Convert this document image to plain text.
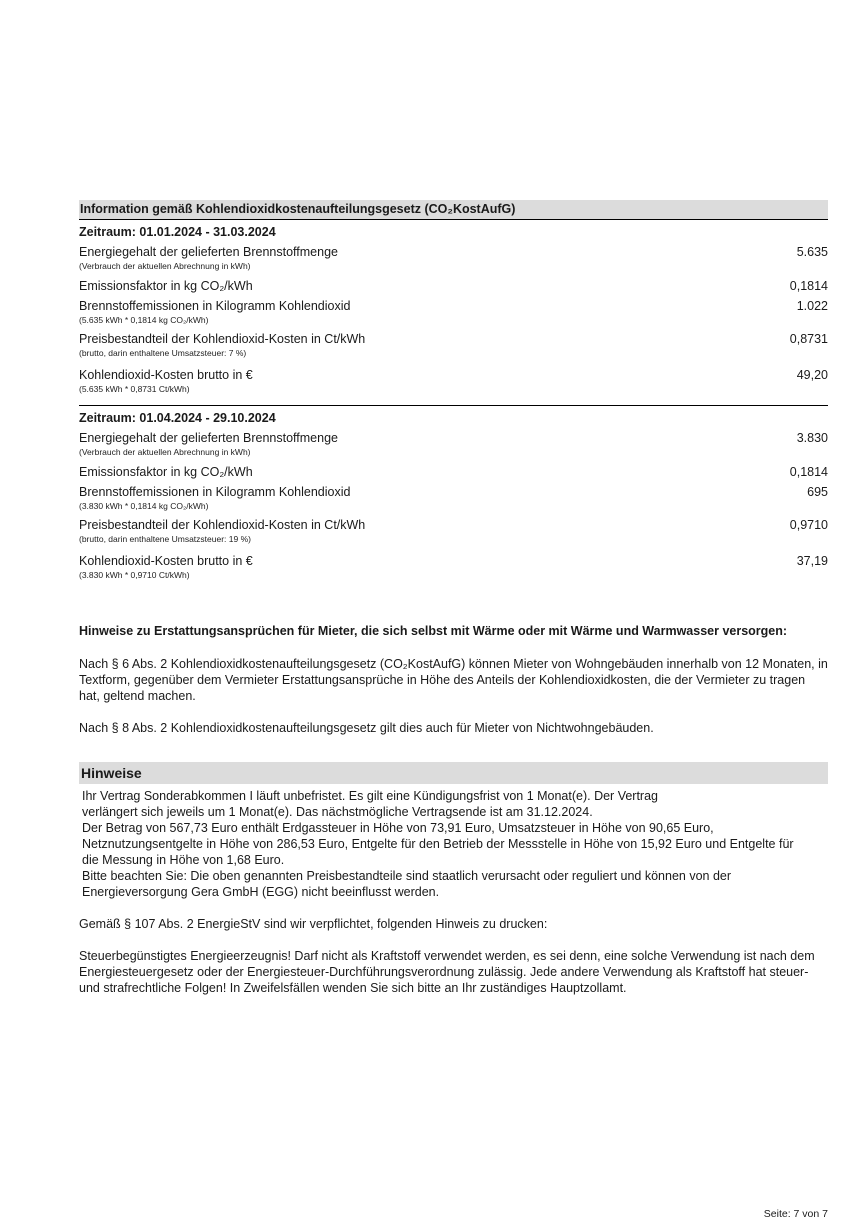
Information gemäß Kohlendioxidkostenaufteilungsgesetz (CO₂KostAufG)
Zeitraum: 01.01.2024 - 31.03.2024
Energiegehalt der gelieferten Brennstoffmenge
(Verbrauch der aktuellen Abrechnung in kWh)
5.635
Emissionsfaktor in kg CO₂/kWh	0,1814
Brennstoffemissionen in Kilogramm Kohlendioxid
(5.635 kWh * 0,1814 kg CO₂/kWh)
1.022
Preisbestandteil der Kohlendioxid-Kosten in Ct/kWh
(brutto, darin enthaltene Umsatzsteuer: 7 %)
0,8731
Kohlendioxid-Kosten brutto in €
(5.635 kWh * 0,8731 Ct/kWh)
49,20
Zeitraum: 01.04.2024 - 29.10.2024
Energiegehalt der gelieferten Brennstoffmenge
(Verbrauch der aktuellen Abrechnung in kWh)
3.830
Emissionsfaktor in kg CO₂/kWh	0,1814
Brennstoffemissionen in Kilogramm Kohlendioxid
(3.830 kWh * 0,1814 kg CO₂/kWh)
695
Preisbestandteil der Kohlendioxid-Kosten in Ct/kWh
(brutto, darin enthaltene Umsatzsteuer: 19 %)
0,9710
Kohlendioxid-Kosten brutto in €
(3.830 kWh * 0,9710 Ct/kWh)
37,19
Hinweise zu Erstattungsansprüchen für Mieter, die sich selbst mit Wärme oder mit Wärme und Warmwasser versorgen:
Nach § 6 Abs. 2 Kohlendioxidkostenaufteilungsgesetz (CO₂KostAufG) können Mieter von Wohngebäuden innerhalb von 12 Monaten, in Textform, gegenüber dem Vermieter Erstattungsansprüche in Höhe des Anteils der Kohlendioxidkosten, die der Vermieter zu tragen hat, geltend machen.
Nach § 8 Abs. 2 Kohlendioxidkostenaufteilungsgesetz gilt dies auch für Mieter von Nichtwohngebäuden.
Hinweise
Ihr Vertrag Sonderabkommen I läuft unbefristet. Es gilt eine Kündigungsfrist von 1 Monat(e). Der Vertrag
verlängert sich jeweils um 1 Monat(e). Das nächstmögliche Vertragsende ist am 31.12.2024.
Der Betrag von 567,73 Euro enthält Erdgassteuer in Höhe von 73,91 Euro, Umsatzsteuer in Höhe von 90,65 Euro,
Netznutzungsentgelte in Höhe von 286,53 Euro, Entgelte für den Betrieb der Messstelle in Höhe von 15,92 Euro und Entgelte für
die Messung in Höhe von 1,68 Euro.
Bitte beachten Sie: Die oben genannten Preisbestandteile sind staatlich verursacht oder reguliert und können von der
Energieversorgung Gera GmbH (EGG) nicht beeinflusst werden.
Gemäß § 107 Abs. 2 EnergieStV sind wir verpflichtet, folgenden Hinweis zu drucken:
Steuerbegünstigtes Energieerzeugnis! Darf nicht als Kraftstoff verwendet werden, es sei denn, eine solche Verwendung ist nach dem Energiesteuergesetz oder der Energiesteuer-Durchführungsverordnung zulässig. Jede andere Verwendung als Kraftstoff hat steuer- und strafrechtliche Folgen! In Zweifelsfällen wenden Sie sich bitte an Ihr zuständiges Hauptzollamt.
Seite: 7 von 7
